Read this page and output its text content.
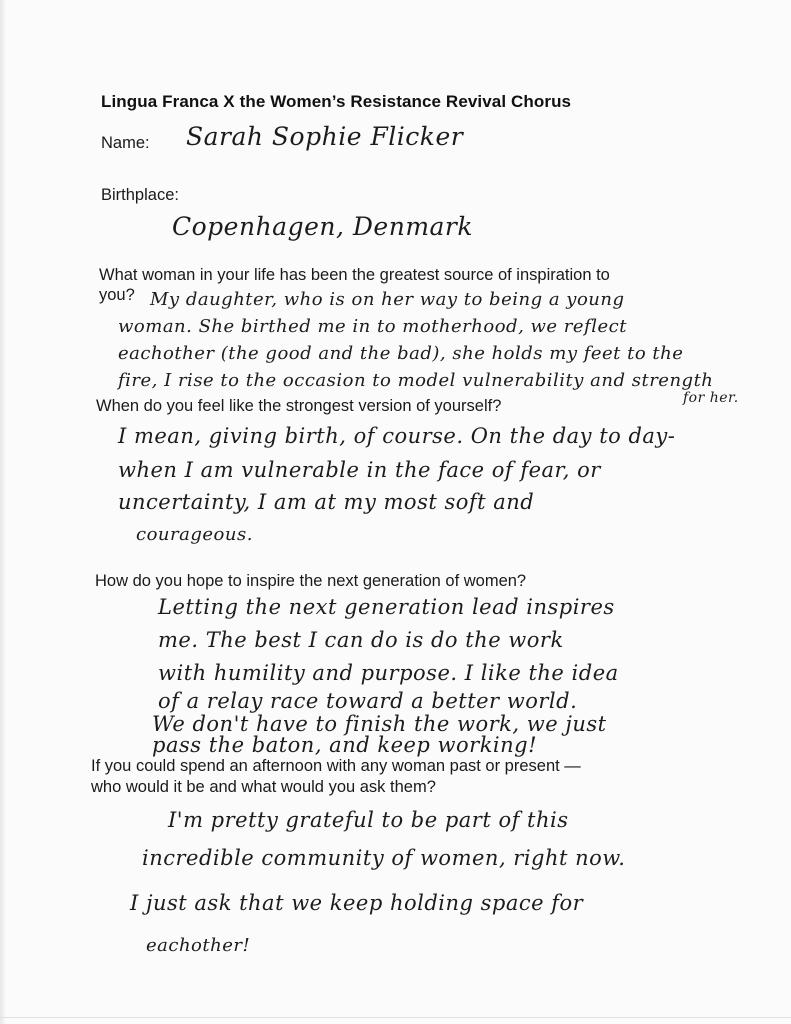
Lingua Franca X the Women’s Resistance Revival Chorus
Name: Sarah Sophie Flicker
Birthplace:
Copenhagen, Denmark
What woman in your life has been the greatest source of inspiration to
you? My daughter, who is on her way to being a young
woman. She birthed me in to motherhood, we reflect
eachother (the good and the bad), she holds my feet to the
fire, I rise to the occasion to model vulnerability and strength
for her.
When do you feel like the strongest version of yourself?
I mean, giving birth, of course. On the day to day-
when I am vulnerable in the face of fear, or
uncertainty, I am at my most soft and
courageous.
How do you hope to inspire the next generation of women?
Letting the next generation lead inspires
me. The best I can do is do the work
with humility and purpose. I like the idea
of a relay race toward a better world.
We don't have to finish the work, we just
pass the baton, and keep working!
If you could spend an afternoon with any woman past or present —
who would it be and what would you ask them?
I'm pretty grateful to be part of this
incredible community of women, right now.
I just ask that we keep holding space for
eachother!
